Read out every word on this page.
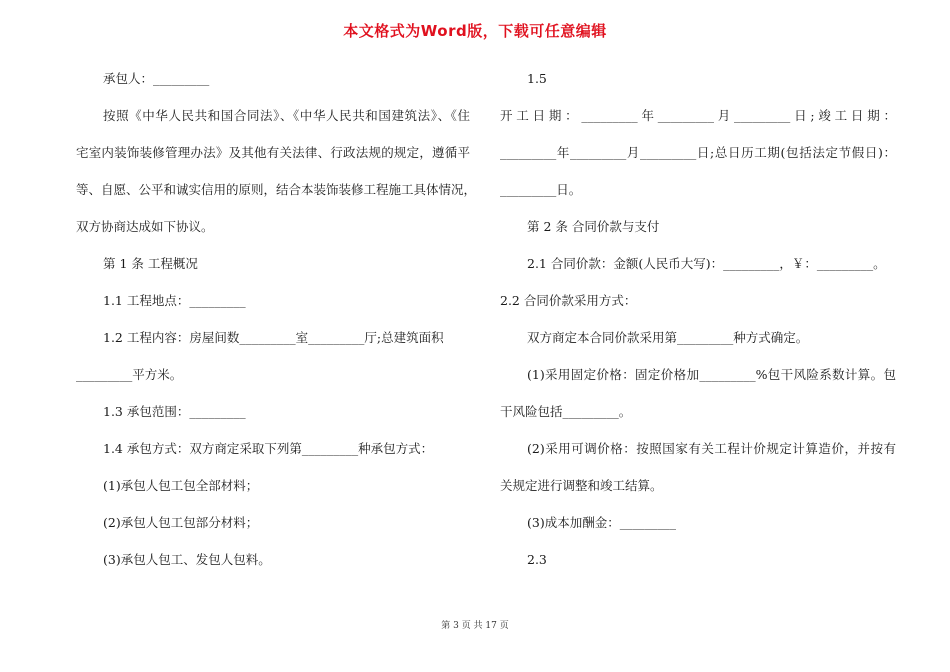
本文格式为Word版，下载可任意编辑

承包人：_________

按照《中华人民共和国合同法》、《中华人民共和国建筑法》、《住

宅室内装饰装修管理办法》及其他有关法律、行政法规的规定，遵循平

等、自愿、公平和诚实信用的原则，结合本装饰装修工程施工具体情况，

双方协商达成如下协议。

第 1 条 工程概况

1.1 工程地点：_________

1.2 工程内容：房屋间数_________室_________厅;总建筑面积

_________平方米。

1.3 承包范围：_________

1.4 承包方式：双方商定采取下列第_________种承包方式：

(1)承包人包工包全部材料；

(2)承包人包工包部分材料；

(3)承包人包工、发包人包料。

1.5

开工日期：_________年_________月_________日;竣工日期：

_________年_________月_________日;总日历工期(包括法定节假日)：

_________日。

第 2 条 合同价款与支付

2.1 合同价款：金额(人民币大写)：_________，￥：_________。

2.2 合同价款采用方式：

双方商定本合同价款采用第_________种方式确定。

(1)采用固定价格：固定价格加_________%包干风险系数计算。包

干风险包括_________。

(2)采用可调价格：按照国家有关工程计价规定计算造价，并按有

关规定进行调整和竣工结算。

(3)成本加酬金：_________

2.3

第 3 页 共 17 页
